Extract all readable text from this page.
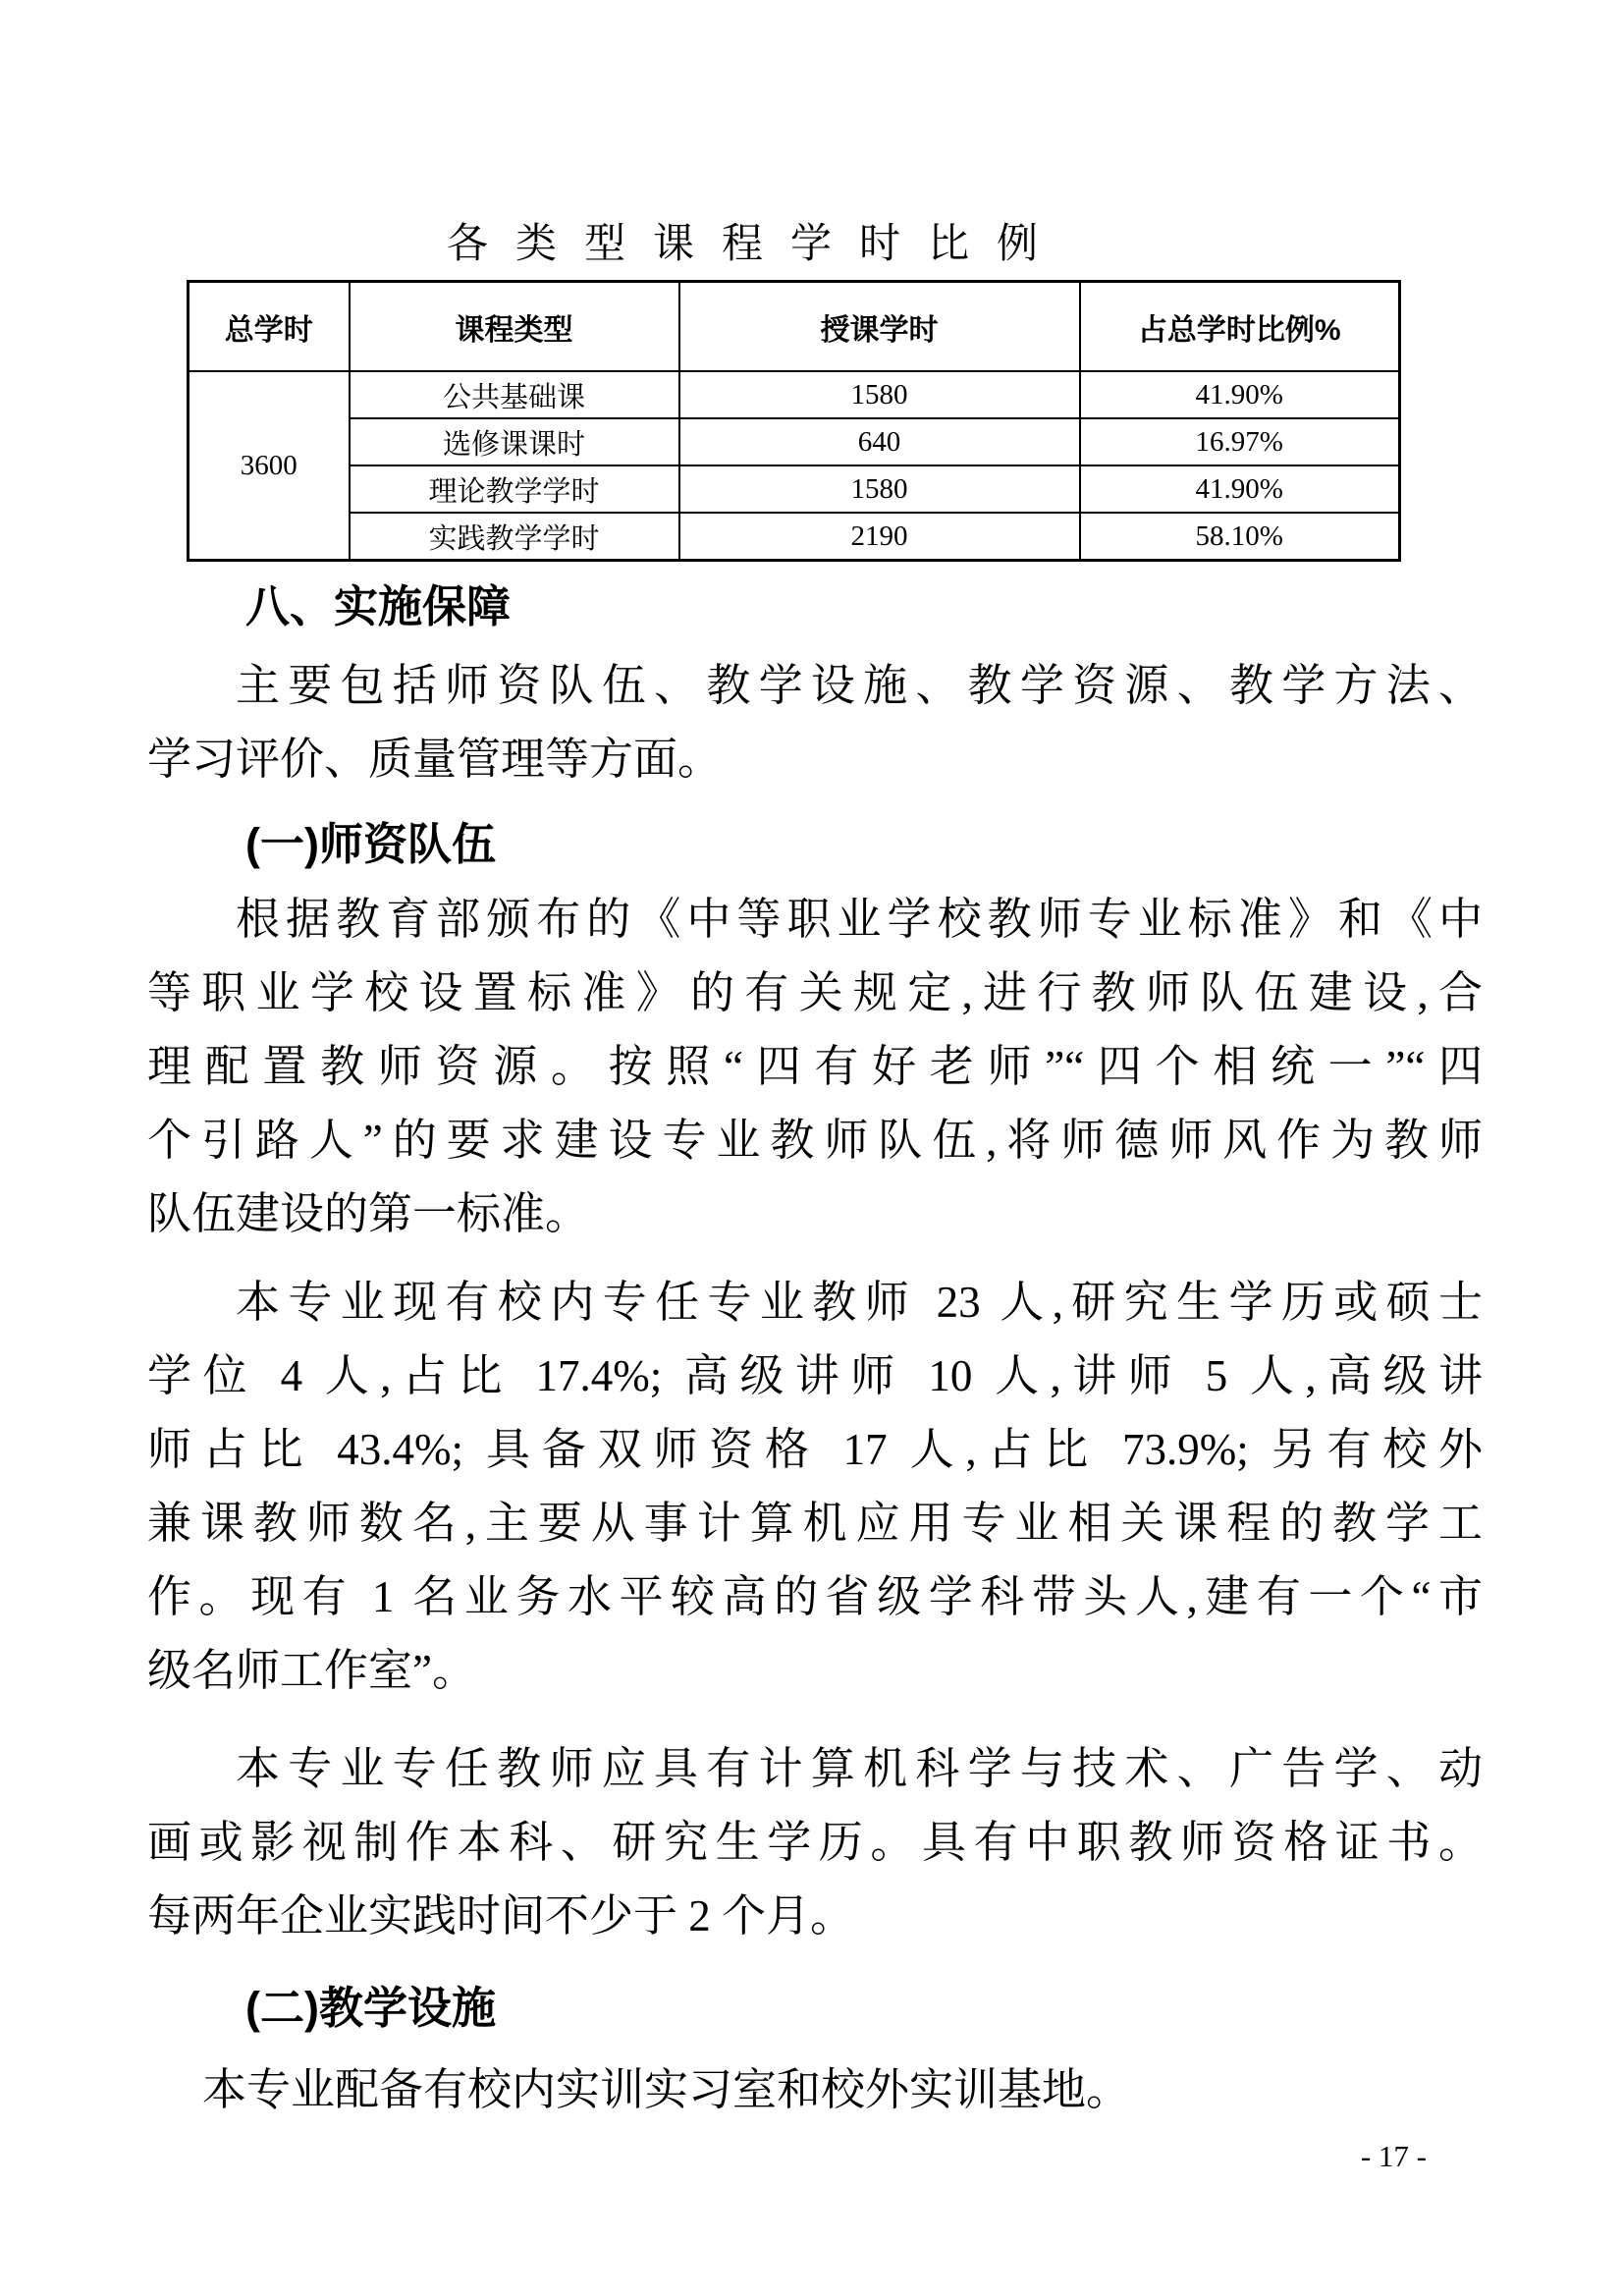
各类型课程学时比例
总学时	课程类型	授课学时	占总学时比例%
3600	公共基础课	1580	41.90%
	选修课课时	640	16.97%
	理论教学学时	1580	41.90%
	实践教学学时	2190	58.10%
八、实施保障
主要包括师资队伍、教学设施、教学资源、教学方法、
学习评价、质量管理等方面。
(一)师资队伍
根据教育部颁布的《中等职业学校教师专业标准》和《中
等职业学校设置标准》的有关规定,进行教师队伍建设,合
理配置教师资源。按照“四有好老师”“四个相统一”“四
个引路人”的要求建设专业教师队伍,将师德师风作为教师
队伍建设的第一标准。
本专业现有校内专任专业教师 23 人,研究生学历或硕士
学位 4 人,占比 17.4%; 高级讲师 10 人,讲师 5 人,高级讲
师占比 43.4%; 具备双师资格 17 人,占比 73.9%; 另有校外
兼课教师数名,主要从事计算机应用专业相关课程的教学工
作。现有 1 名业务水平较高的省级学科带头人,建有一个“市
级名师工作室”。
本专业专任教师应具有计算机科学与技术、广告学、动
画或影视制作本科、研究生学历。具有中职教师资格证书。
每两年企业实践时间不少于 2 个月。
(二)教学设施
本专业配备有校内实训实习室和校外实训基地。
- 17 -
